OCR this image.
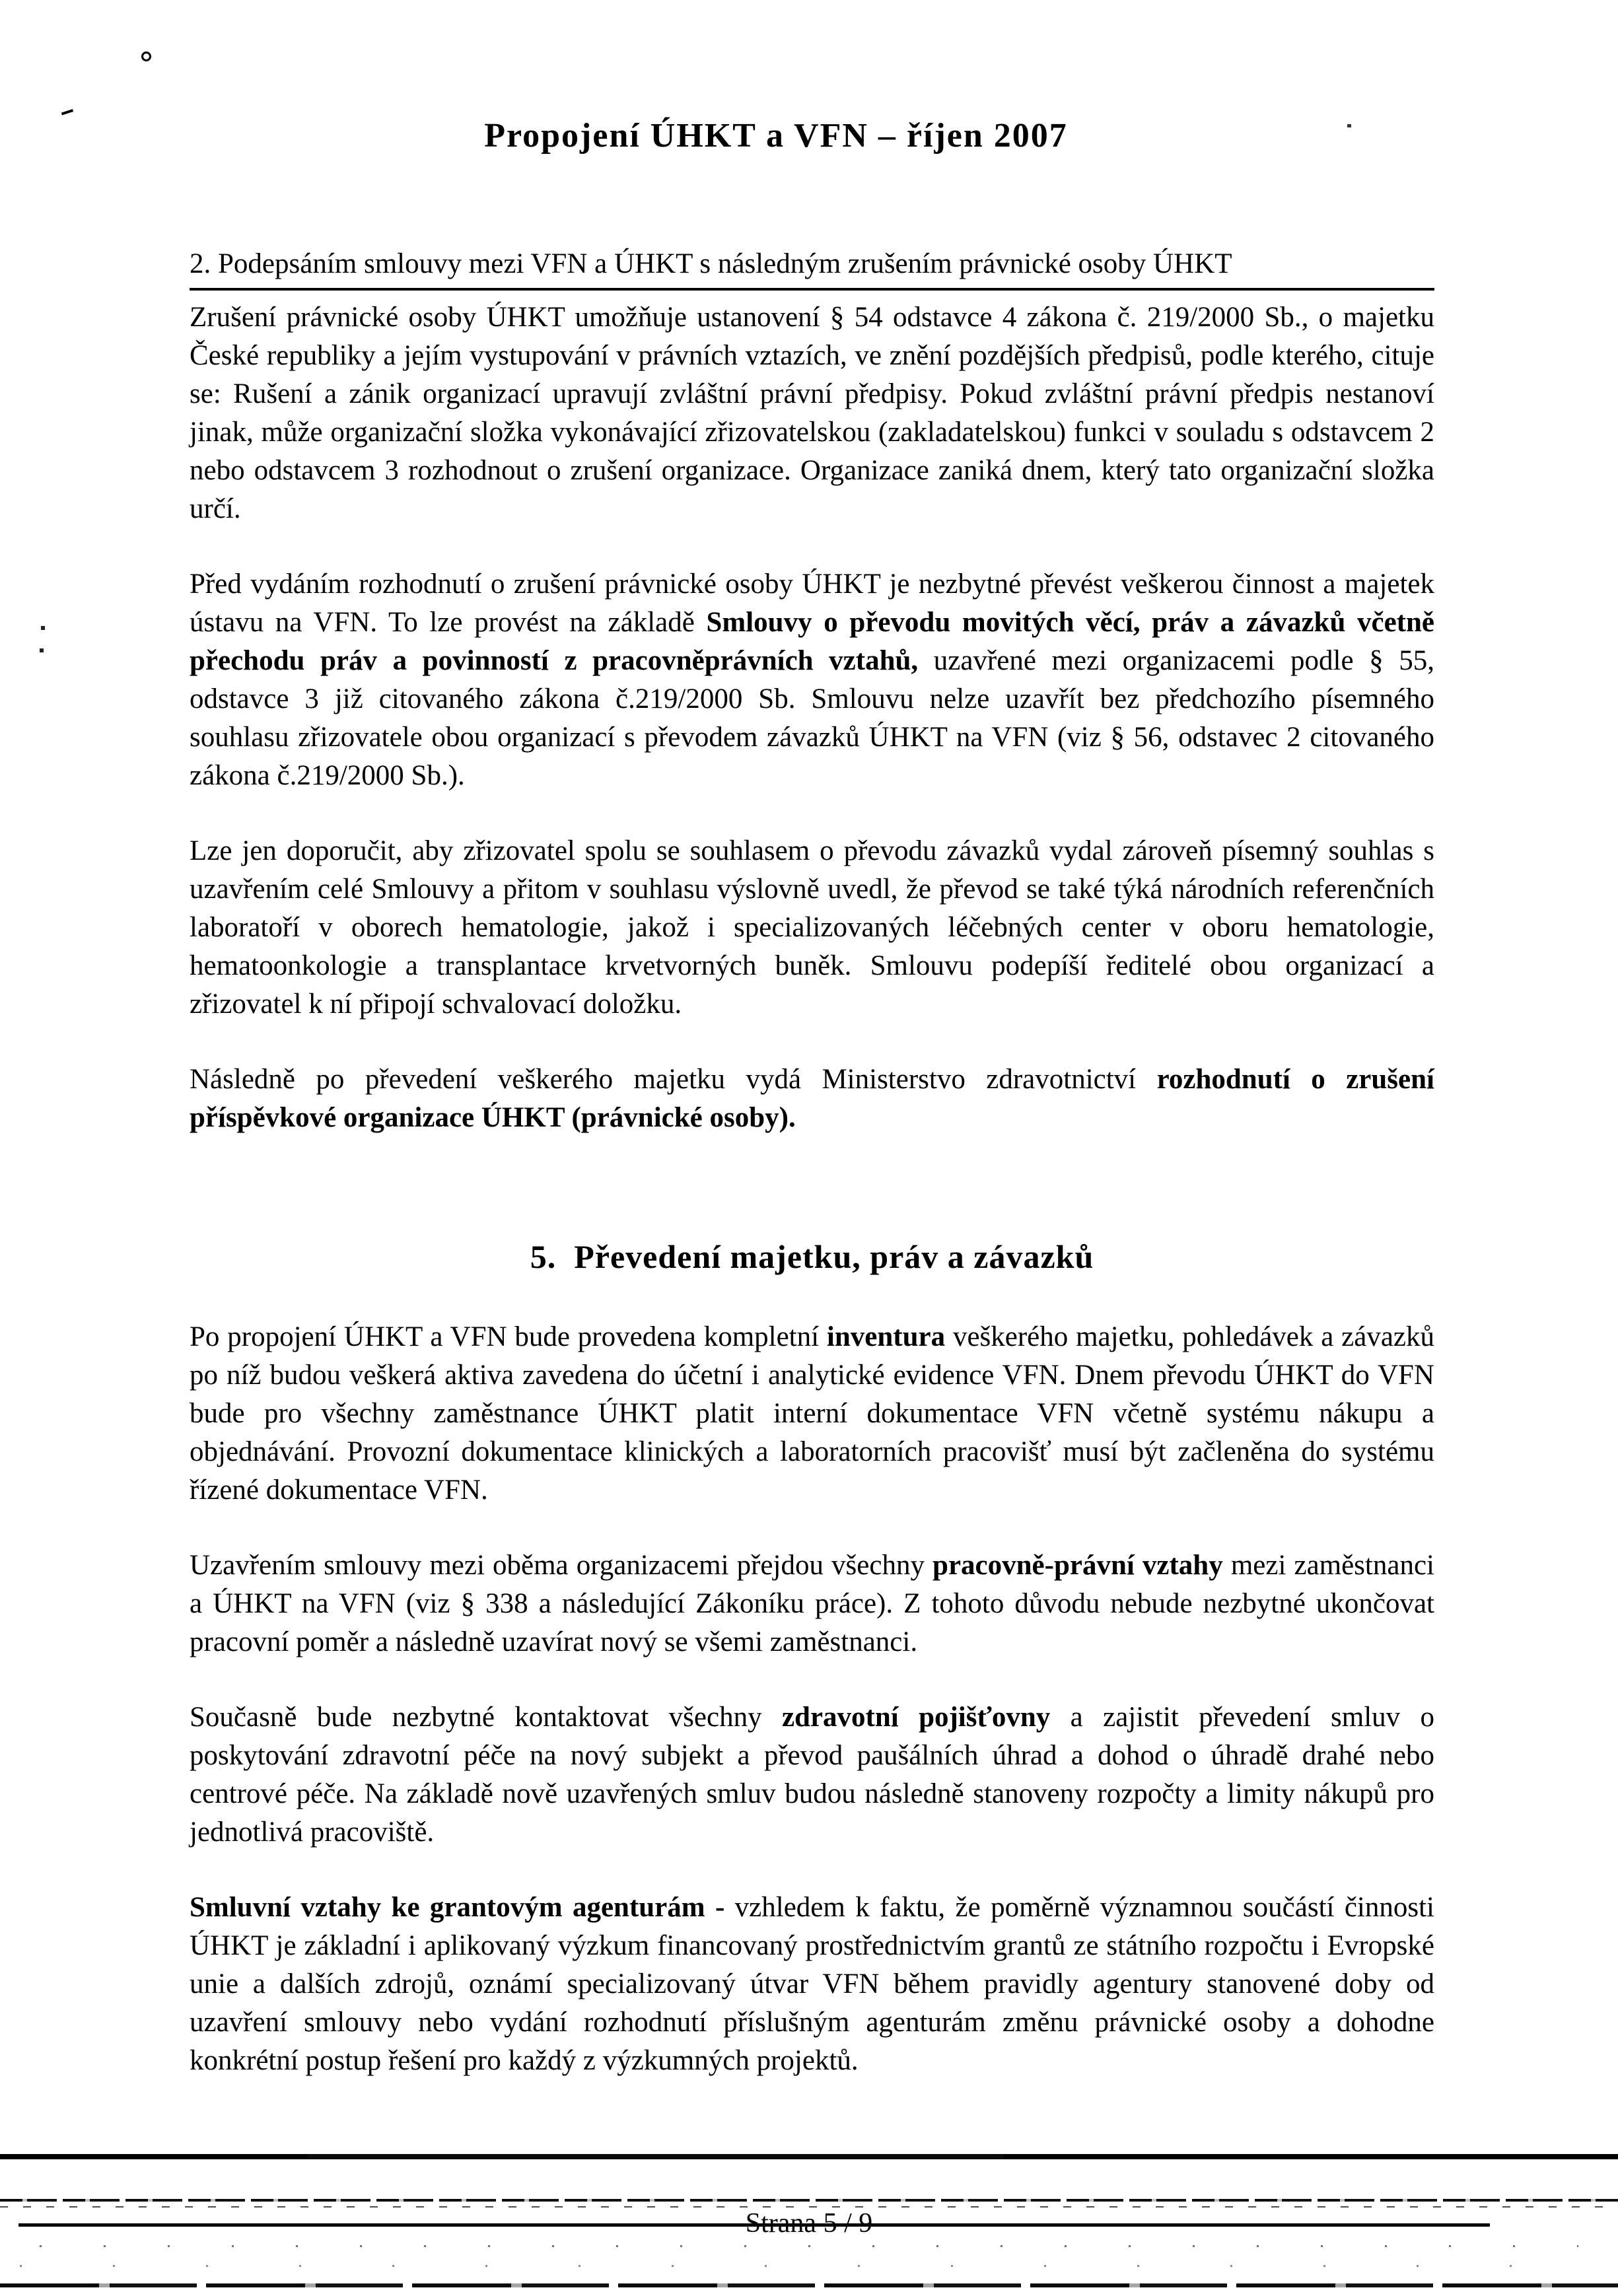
Propojení ÚHKT a VFN – říjen 2007
2. Podepsáním smlouvy mezi VFN a ÚHKT s následným zrušením právnické osoby ÚHKT

Zrušení právnické osoby ÚHKT umožňuje ustanovení § 54 odstavce 4 zákona č. 219/2000 Sb., o majetku České republiky a jejím vystupování v právních vztazích, ve znění pozdějších předpisů, podle kterého, cituje se: Rušení a zánik organizací upravují zvláštní právní předpisy. Pokud zvláštní právní předpis nestanoví jinak, může organizační složka vykonávající zřizovatelskou (zakladatelskou) funkci v souladu s odstavcem 2 nebo odstavcem 3 rozhodnout o zrušení organizace. Organizace zaniká dnem, který tato organizační složka určí.

Před vydáním rozhodnutí o zrušení právnické osoby ÚHKT je nezbytné převést veškerou činnost a majetek ústavu na VFN. To lze provést na základě Smlouvy o převodu movitých věcí, práv a závazků včetně přechodu práv a povinností z pracovněprávních vztahů, uzavřené mezi organizacemi podle § 55, odstavce 3 již citovaného zákona č.219/2000 Sb. Smlouvu nelze uzavřít bez předchozího písemného souhlasu zřizovatele obou organizací s převodem závazků ÚHKT na VFN (viz § 56, odstavec 2 citovaného zákona č.219/2000 Sb.).

Lze jen doporučit, aby zřizovatel spolu se souhlasem o převodu závazků vydal zároveň písemný souhlas s uzavřením celé Smlouvy a přitom v souhlasu výslovně uvedl, že převod se také týká národních referenčních laboratoří v oborech hematologie, jakož i specializovaných léčebných center v oboru hematologie, hematoonkologie a transplantace krvetvorných buněk. Smlouvu podepíší ředitelé obou organizací a zřizovatel k ní připojí schvalovací doložku.

Následně po převedení veškerého majetku vydá Ministerstvo zdravotnictví rozhodnutí o zrušení příspěvkové organizace ÚHKT (právnické osoby).

5.  Převedení majetku, práv a závazků

Po propojení ÚHKT a VFN bude provedena kompletní inventura veškerého majetku, pohledávek a závazků po níž budou veškerá aktiva zavedena do účetní i analytické evidence VFN. Dnem převodu ÚHKT do VFN bude pro všechny zaměstnance ÚHKT platit interní dokumentace VFN včetně systému nákupu a objednávání. Provozní dokumentace klinických a laboratorních pracovišť musí být začleněna do systému řízené dokumentace VFN.

Uzavřením smlouvy mezi oběma organizacemi přejdou všechny pracovně-právní vztahy mezi zaměstnanci a ÚHKT na VFN (viz § 338 a následující Zákoníku práce). Z tohoto důvodu nebude nezbytné ukončovat pracovní poměr a následně uzavírat nový se všemi zaměstnanci.

Současně bude nezbytné kontaktovat všechny zdravotní pojišťovny a zajistit převedení smluv o poskytování zdravotní péče na nový subjekt a převod paušálních úhrad a dohod o úhradě drahé nebo centrové péče. Na základě nově uzavřených smluv budou následně stanoveny rozpočty a limity nákupů pro jednotlivá pracoviště.

Smluvní vztahy ke grantovým agenturám - vzhledem k faktu, že poměrně významnou součástí činnosti ÚHKT je základní i aplikovaný výzkum financovaný prostřednictvím grantů ze státního rozpočtu i Evropské unie a dalších zdrojů, oznámí specializovaný útvar VFN během pravidly agentury stanovené doby od uzavření smlouvy nebo vydání rozhodnutí příslušným agenturám změnu právnické osoby a dohodne konkrétní postup řešení pro každý z výzkumných projektů.

Strana 5 / 9
